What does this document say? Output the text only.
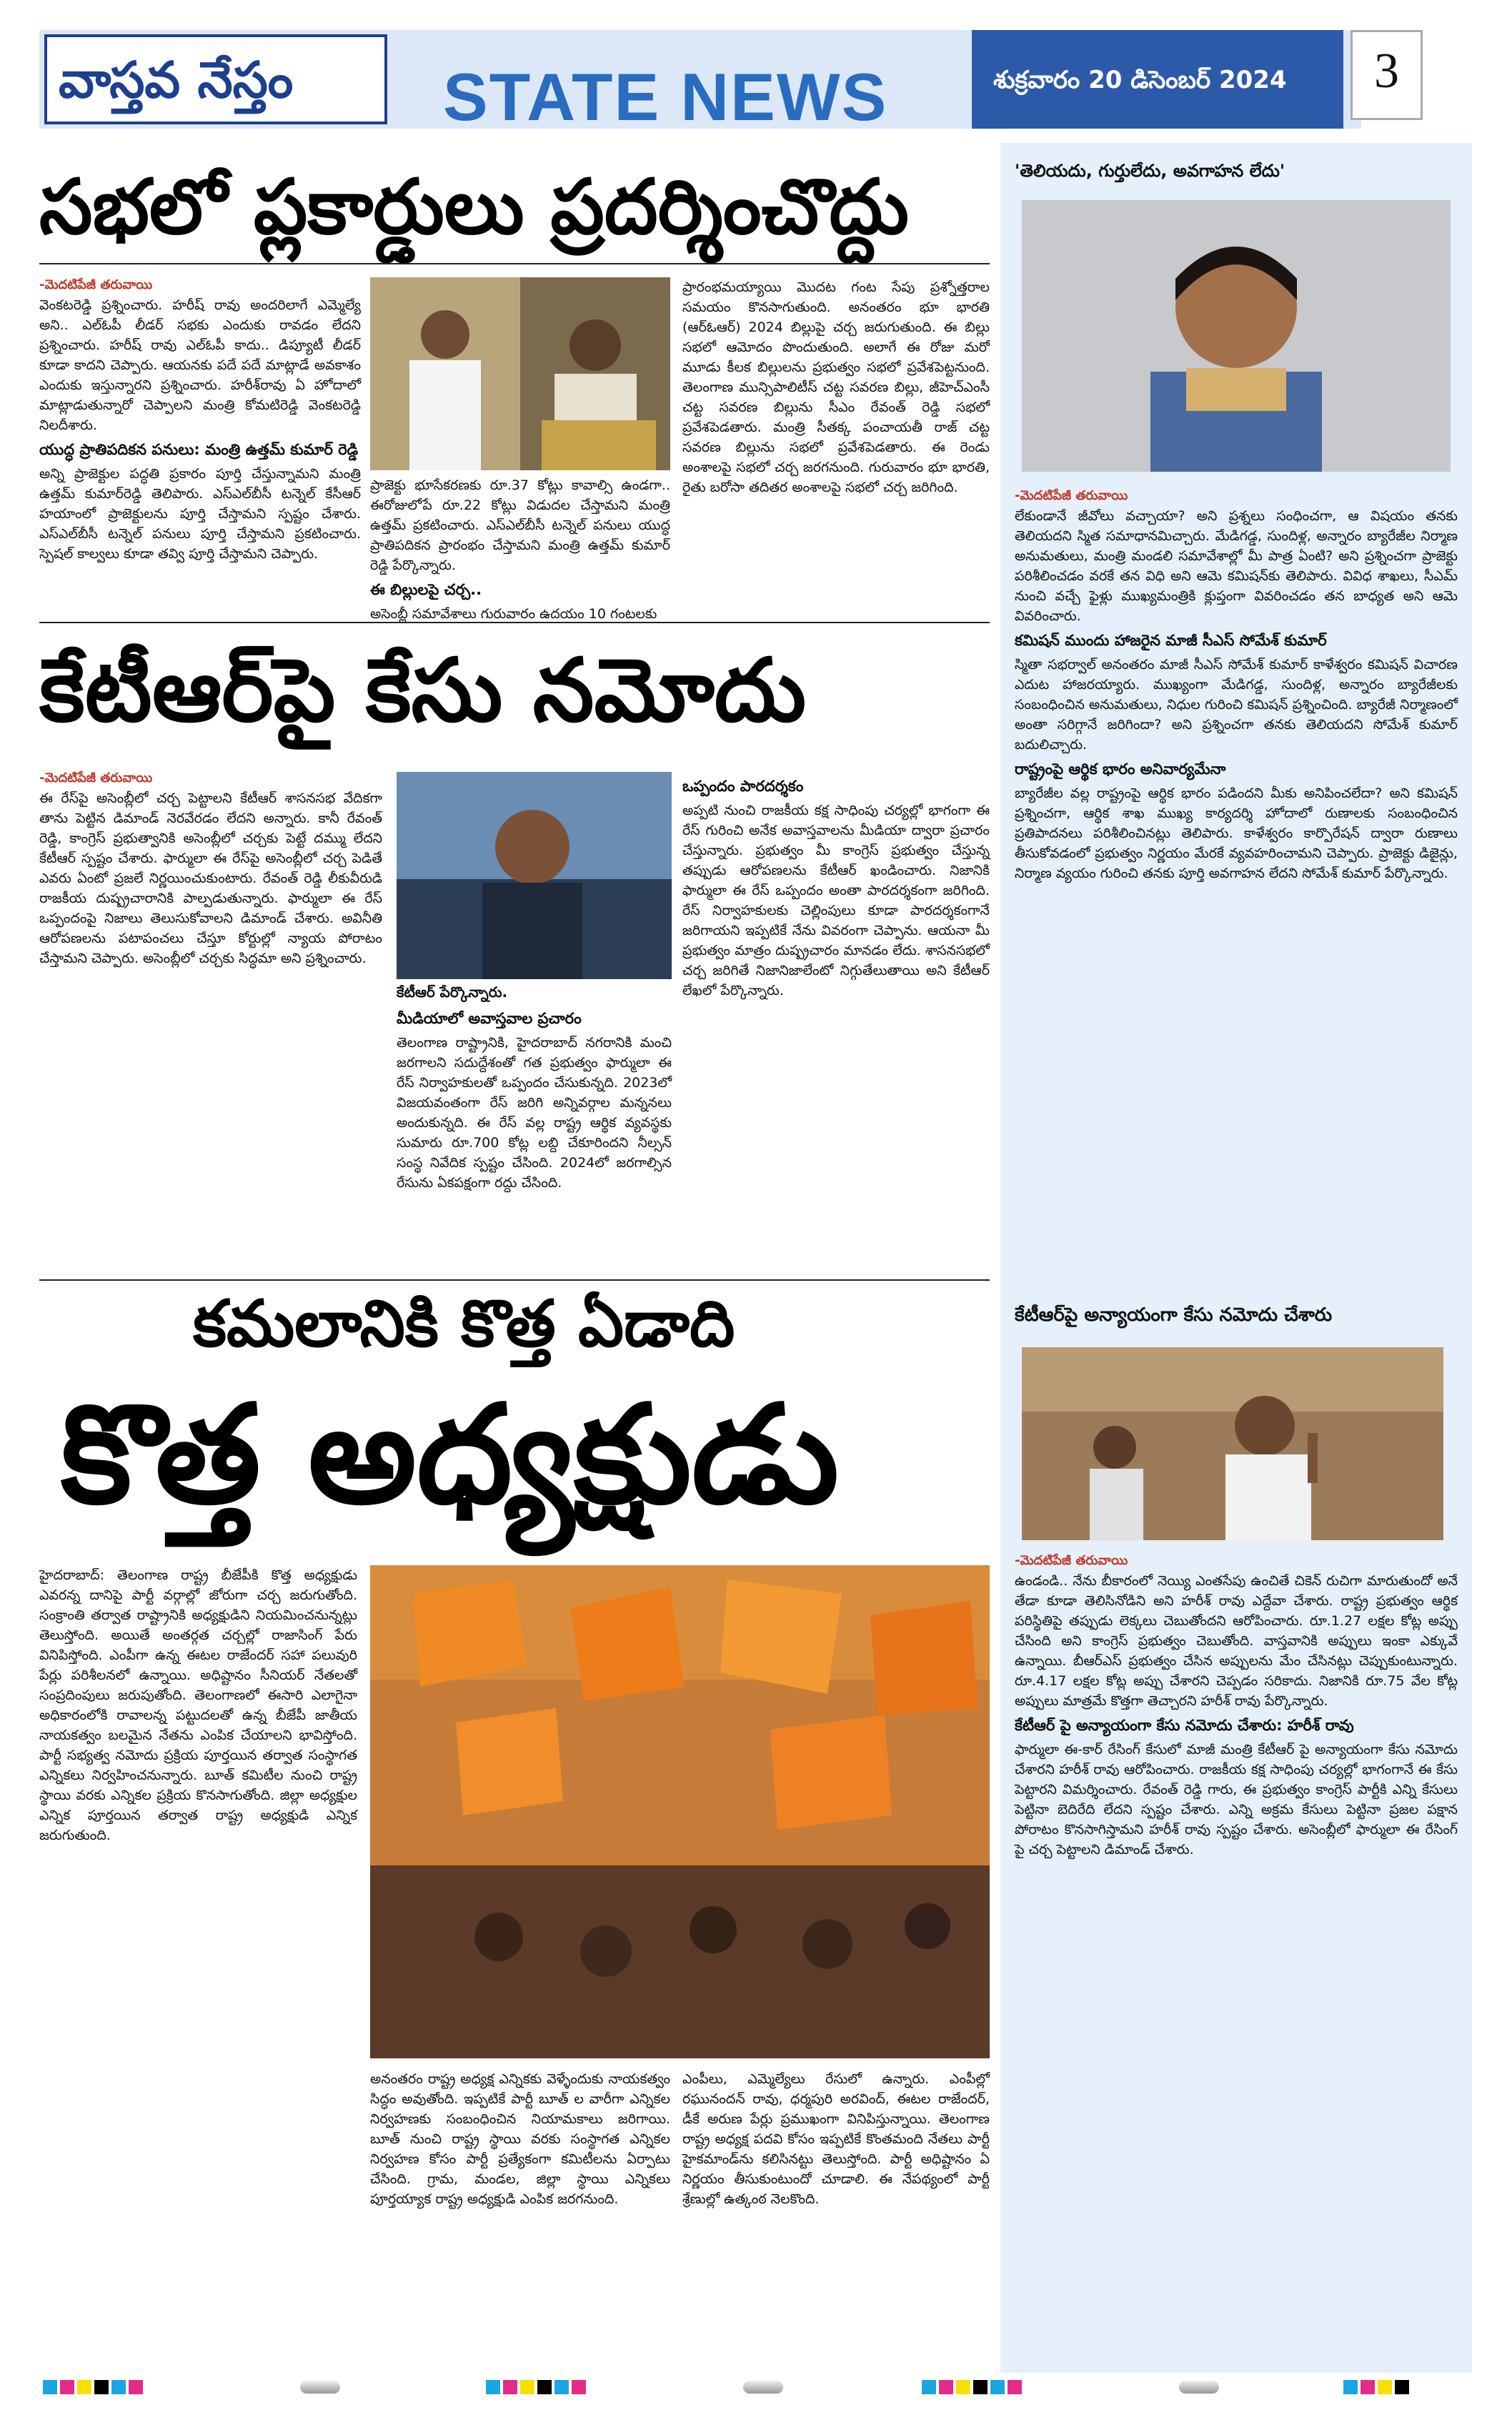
వాస్తవ నేస్తం STATE NEWS	శుక్రవారం 20 డిసెంబర్ 2024	3
సభలో ప్లకార్డులు ప్రదర్శించొద్దు
-మెదటిపేజీ తరువాయి

వెంకటరెడ్డి ప్రశ్నించారు. హరీష్ రావు అందరిలాగే ఎమ్మెల్యే అని.. ఎల్ఓపీ లీడర్ సభకు ఎందుకు రావడం లేదని ప్రశ్నించారు. హరీష్ రావు ఎల్ఓపీ కాదు.. డిప్యూటీ లీడర్ కూడా కాదని చెప్పారు. ఆయనకు పదే పదే మాట్లాడే అవకాశం ఎందుకు ఇస్తున్నారని ప్రశ్నించారు. హరీశ్‌రావు ఏ హోదాలో మాట్లాడుతున్నారో చెప్పాలని మంత్రి కోమటిరెడ్డి వెంకటరెడ్డి నిలదీశారు.

యుద్ధ ప్రాతిపదికన పనులు: మంత్రి ఉత్తమ్ కుమార్ రెడ్డి

అన్ని ప్రాజెక్టుల పద్ధతి ప్రకారం పూర్తి చేస్తున్నామని మంత్రి ఉత్తమ్ కుమార్‌రెడ్డి తెలిపారు. ఎస్ఎల్‌బీసీ టన్నెల్ కేసీఆర్ హయాంలో ప్రాజెక్టులను పూర్తి చేస్తామని స్పష్టం చేశారు. ఎస్ఎల్‌బీసీ టన్నెల్ పనులు పూర్తి చేస్తామని ప్రకటించారు. స్పెషల్‌ కాల్వలు కూడా తవ్వి పూర్తి చేస్తామని చెప్పారు.

ప్రాజెక్టు భూసేకరణకు రూ.37 కోట్లు కావాల్సి ఉండగా.. ఈరోజులోపే రూ.22 కోట్లు విడుదల చేస్తామని మంత్రి ఉత్తమ్ ప్రకటించారు. ఎస్ఎల్‌బీసీ టన్నెల్ పనులు యుద్ధ ప్రాతిపదికన ప్రారంభం చేస్తామని మంత్రి ఉత్తమ్ కుమార్ రెడ్డి పేర్కొన్నారు.

ఈ బిల్లులపై చర్చ..

అసెంబ్లీ సమావేశాలు గురువారం ఉదయం 10 గంటలకు

ప్రారంభమయ్యాయి మొదట గంట సేపు ప్రశ్నోత్తరాల సమయం కొనసాగుతుంది. అనంతరం భూ భారతి (ఆర్ఓఆర్) 2024 బిల్లుపై చర్చ జరుగుతుంది. ఈ బిల్లు సభలో ఆమోదం పొందుతుంది. అలాగే ఈ రోజు మరో మూడు కీలక బిల్లులను ప్రభుత్వం సభలో ప్రవేశపెట్టనుంది. తెలంగాణ మున్సిపాలిటీస్ చట్ట సవరణ బిల్లు, జీహెచ్ఎంసీ చట్ట సవరణ బిల్లును సీఎం రేవంత్ రెడ్డి సభలో ప్రవేశపెడతారు. మంత్రి సీతక్క పంచాయతీ రాజ్ చట్ట సవరణ బిల్లును సభలో ప్రవేశపెడతారు. ఈ రెండు అంశాలపై సభలో చర్చ జరగనుంది. గురువారం భూ భారతి, రైతు బరోసా తదితర అంశాలపై సభలో చర్చ జరిగింది.

కేటీఆర్‌పై కేసు నమోదు
-మెదటిపేజీ తరువాయి

ఈ రేస్‌పై అసెంబ్లీలో చర్చ పెట్టాలని కేటీఆర్ శాసనసభ వేదికగా తాను పెట్టిన డిమాండ్‌ నెరవేరడం లేదని అన్నారు. కానీ రేవంత్ రెడ్డి, కాంగ్రెస్ ప్రభుత్వానికి అసెంబ్లీలో చర్చకు పెట్టే దమ్ము లేదని కేటీఆర్ స్పష్టం చేశారు. ఫార్ములా ఈ రేస్‌పై అసెంబ్లీలో చర్చ పెడితే ఎవరు ఏంటో ప్రజలే నిర్ణయించుకుంటారు. రేవంత్ రెడ్డి లీకువీరుడి రాజకీయ దుష్ప్రచారానికి పాల్పడుతున్నారు. ఫార్ములా ఈ రేస్ ఒప్పందంపై నిజాలు తెలుసుకోవాలని డిమాండ్ చేశారు. అవినీతి ఆరోపణలను పటాపంచలు చేస్తూ కోర్టుల్లో న్యాయ పోరాటం చేస్తామని చెప్పారు. అసెంబ్లీలో చర్చకు సిద్ధమా అని ప్రశ్నించారు.

కేటీఆర్ పేర్కొన్నారు.
మీడియాలో అవాస్తవాల ప్రచారం

తెలంగాణ రాష్ట్రానికి, హైదరాబాద్ నగరానికి మంచి జరగాలని సదుద్దేశంతో గత ప్రభుత్వం ఫార్ములా ఈ రేస్ నిర్వాహకులతో ఒప్పందం చేసుకున్నది. 2023లో విజయవంతంగా రేస్ జరిగి అన్నివర్గాల మన్ననలు అందుకున్నది. ఈ రేస్ వల్ల రాష్ట్ర ఆర్థిక వ్యవస్థకు సుమారు రూ.700 కోట్ల లబ్ది చేకూరిందని నీల్సన్ సంస్థ నివేదిక స్పష్టం చేసింది. 2024లో జరగాల్సిన రేసును ఏకపక్షంగా రద్దు చేసింది.

ఒప్పందం పారదర్శకం

అప్పటి నుంచి రాజకీయ కక్ష సాధింపు చర్యల్లో భాగంగా ఈ రేస్ గురించి అనేక అవాస్తవాలను మీడియా ద్వారా ప్రచారం చేస్తున్నారు. ప్రభుత్వం మీ కాంగ్రెస్ ప్రభుత్వం చేస్తున్న తప్పుడు ఆరోపణలను కేటీఆర్ ఖండించారు. నిజానికి ఫార్ములా ఈ రేస్ ఒప్పందం అంతా పారదర్శకంగా జరిగింది. రేస్ నిర్వాహకులకు చెల్లింపులు కూడా పారదర్శకంగానే జరిగాయని ఇప్పటికే నేను వివరంగా చెప్పాను. ఆయనా మీ ప్రభుత్వం మాత్రం దుష్ప్రచారం మానడం లేదు. శాసనసభలో చర్చ జరిగితే నిజానిజాలేంటో నిగ్గుతేలుతాయి అని కేటీఆర్ లేఖలో పేర్కొన్నారు.

కమలానికి కొత్త ఏడాది
కొత్త అధ్యక్షుడు

హైదరాబాద్: తెలంగాణ రాష్ట్ర బీజేపీకి కొత్త అధ్యక్షుడు ఎవరన్న దానిపై పార్టీ వర్గాల్లో జోరుగా చర్చ జరుగుతోంది. సంక్రాంతి తర్వాత రాష్ట్రానికి అధ్యక్షుడిని నియమించనున్నట్లు తెలుస్తోంది. అయితే అంతర్గత చర్చల్లో రాజాసింగ్ పేరు వినిపిస్తోంది. ఎంపీగా ఉన్న ఈటల రాజేందర్ సహా పలువురి పేర్లు పరిశీలనలో ఉన్నాయి. అధిష్టానం సీనియర్ నేతలతో సంప్రదింపులు జరుపుతోంది. తెలంగాణలో ఈసారి ఎలాగైనా అధికారంలోకి రావాలన్న పట్టుదలతో ఉన్న బీజేపీ జాతీయ నాయకత్వం బలమైన నేతను ఎంపిక చేయాలని భావిస్తోంది. పార్టీ సభ్యత్వ నమోదు ప్రక్రియ పూర్తయిన తర్వాత సంస్థాగత ఎన్నికలు నిర్వహించనున్నారు. బూత్ కమిటీల నుంచి రాష్ట్ర స్థాయి వరకు ఎన్నికల ప్రక్రియ కొనసాగుతోంది. జిల్లా అధ్యక్షుల ఎన్నిక పూర్తయిన తర్వాత రాష్ట్ర అధ్యక్షుడి ఎన్నిక జరుగుతుంది.

అనంతరం రాష్ట్ర అధ్యక్ష ఎన్నికకు వెళ్ళేందుకు నాయకత్వం సిద్ధం అవుతోంది. ఇప్పటికే పార్టీ బూత్ ల వారీగా ఎన్నికల నిర్వహణకు సంబంధించిన నియామకాలు జరిగాయి. బూత్ నుంచి రాష్ట్ర స్థాయి వరకు సంస్థాగత ఎన్నికల నిర్వహణ కోసం పార్టీ ప్రత్యేకంగా కమిటీలను ఏర్పాటు చేసింది. గ్రామ, మండల, జిల్లా స్థాయి ఎన్నికలు పూర్తయ్యాక రాష్ట్ర అధ్యక్షుడి ఎంపిక జరగనుంది.

ఎంపీలు, ఎమ్మెల్యేలు రేసులో ఉన్నారు. ఎంపీల్లో రఘునందన్ రావు, ధర్మపురి అరవింద్, ఈటల రాజేందర్, డీకే అరుణ పేర్లు ప్రముఖంగా వినిపిస్తున్నాయి. తెలంగాణ రాష్ట్ర అధ్యక్ష పదవి కోసం ఇప్పటికే కొంతమంది నేతలు పార్టీ హైకమాండ్‌ను కలిసినట్టు తెలుస్తోంది. పార్టీ అధిష్టానం ఏ నిర్ణయం తీసుకుంటుందో చూడాలి. ఈ నేపథ్యంలో పార్టీ శ్రేణుల్లో ఉత్కంఠ నెలకొంది.

'తెలియదు, గుర్తులేదు, అవగాహన లేదు'
-మెదటిపేజీ తరువాయి

లేకుండానే జీవోలు వచ్చాయా? అని ప్రశ్నలు సంధించగా, ఆ విషయం తనకు తెలియదని స్మిత సమాధానమిచ్చారు. మేడిగడ్డ, సుందిళ్ల, అన్నారం బ్యారేజీల నిర్మాణ అనుమతులు, మంత్రి మండలి సమావేశాల్లో మీ పాత్ర ఏంటి? అని ప్రశ్నించగా ప్రాజెక్టు పరిశీలించడం వరకే తన విధి అని ఆమె కమిషన్‌కు తెలిపారు. వివిధ శాఖలు, సీఎమ్ నుంచి వచ్చే ఫైళ్లు ముఖ్యమంత్రికి క్లుప్తంగా వివరించడం తన బాధ్యత అని ఆమె వివరించారు.

కమిషన్ ముందు హాజరైన మాజీ సీఎస్ సోమేశ్ కుమార్

స్మితా సభర్వాల్ అనంతరం మాజీ సీఎస్ సోమేశ్ కుమార్‌ కాళేశ్వరం కమిషన్ విచారణ ఎదుట హాజరయ్యారు. ముఖ్యంగా మేడిగడ్డ, సుందిళ్ల, అన్నారం బ్యారేజీలకు సంబంధించిన అనుమతులు, నిధుల గురించి కమిషన్ ప్రశ్నించింది. బ్యారేజీ నిర్మాణంలో అంతా సరిగ్గానే జరిగిందా? అని ప్రశ్నించగా తనకు తెలియదని సోమేశ్ కుమార్ బదులిచ్చారు.

రాష్ట్రంపై ఆర్థిక భారం అనివార్యమేనా

బ్యారేజీల వల్ల రాష్ట్రంపై ఆర్థిక భారం పడిందని మీకు అనిపించలేదా? అని కమిషన్ ప్రశ్నించగా, ఆర్థిక శాఖ ముఖ్య కార్యదర్శి హోదాలో రుణాలకు సంబంధించిన ప్రతిపాదనలు పరిశీలించినట్లు తెలిపారు. కాళేశ్వరం కార్పొరేషన్ ద్వారా రుణాలు తీసుకోవడంలో ప్రభుత్వం నిర్ణయం మేరకే వ్యవహరించామని చెప్పారు. ప్రాజెక్టు డిజైన్లు, నిర్మాణ వ్యయం గురించి తనకు పూర్తి అవగాహన లేదని సోమేశ్ కుమార్ పేర్కొన్నారు.

కేటీఆర్‌పై అన్యాయంగా కేసు నమోదు చేశారు
-మెదటిపేజీ తరువాయి

ఉండండి.. నేను బీకారంలో నెయ్యి ఎంతసేపు ఉంచితే చికెన్ రుచిగా మారుతుందో అనే తేడా కూడా తెలిసినోడిని అని హరీశ్ రావు ఎద్దేవా చేశారు. రాష్ట్ర ప్రభుత్వం ఆర్థిక పరిస్థితిపై తప్పుడు లెక్కలు చెబుతోందని ఆరోపించారు. రూ.1.27 లక్షల కోట్ల అప్పు చేసింది అని కాంగ్రెస్ ప్రభుత్వం చెబుతోంది. వాస్తవానికి అప్పులు ఇంకా ఎక్కువే ఉన్నాయి. బీఆర్ఎస్ ప్రభుత్వం చేసిన అప్పులను మేం చేసినట్లు చెప్పుకుంటున్నారు. రూ.4.17 లక్షల కోట్ల అప్పు చేశారని చెప్పడం సరికాదు. నిజానికి రూ.75 వేల కోట్ల అప్పులు మాత్రమే కొత్తగా తెచ్చారని హరీశ్ రావు పేర్కొన్నారు.

కేటీఆర్ పై అన్యాయంగా కేసు నమోదు చేశారు: హరీశ్ రావు

ఫార్ములా ఈ-కార్ రేసింగ్ కేసులో మాజీ మంత్రి కేటీఆర్ పై అన్యాయంగా కేసు నమోదు చేశారని హరీశ్ రావు ఆరోపించారు. రాజకీయ కక్ష సాధింపు చర్యల్లో భాగంగానే ఈ కేసు పెట్టారని విమర్శించారు. రేవంత్ రెడ్డి గారు, ఈ ప్రభుత్వం కాంగ్రెస్ పార్టీకి ఎన్ని కేసులు పెట్టినా బెదిరేది లేదని స్పష్టం చేశారు. ఎన్ని అక్రమ కేసులు పెట్టినా ప్రజల పక్షాన పోరాటం కొనసాగిస్తామని హరీశ్ రావు స్పష్టం చేశారు. అసెంబ్లీలో ఫార్ములా ఈ రేసింగ్ పై చర్చ పెట్టాలని డిమాండ్ చేశారు.
